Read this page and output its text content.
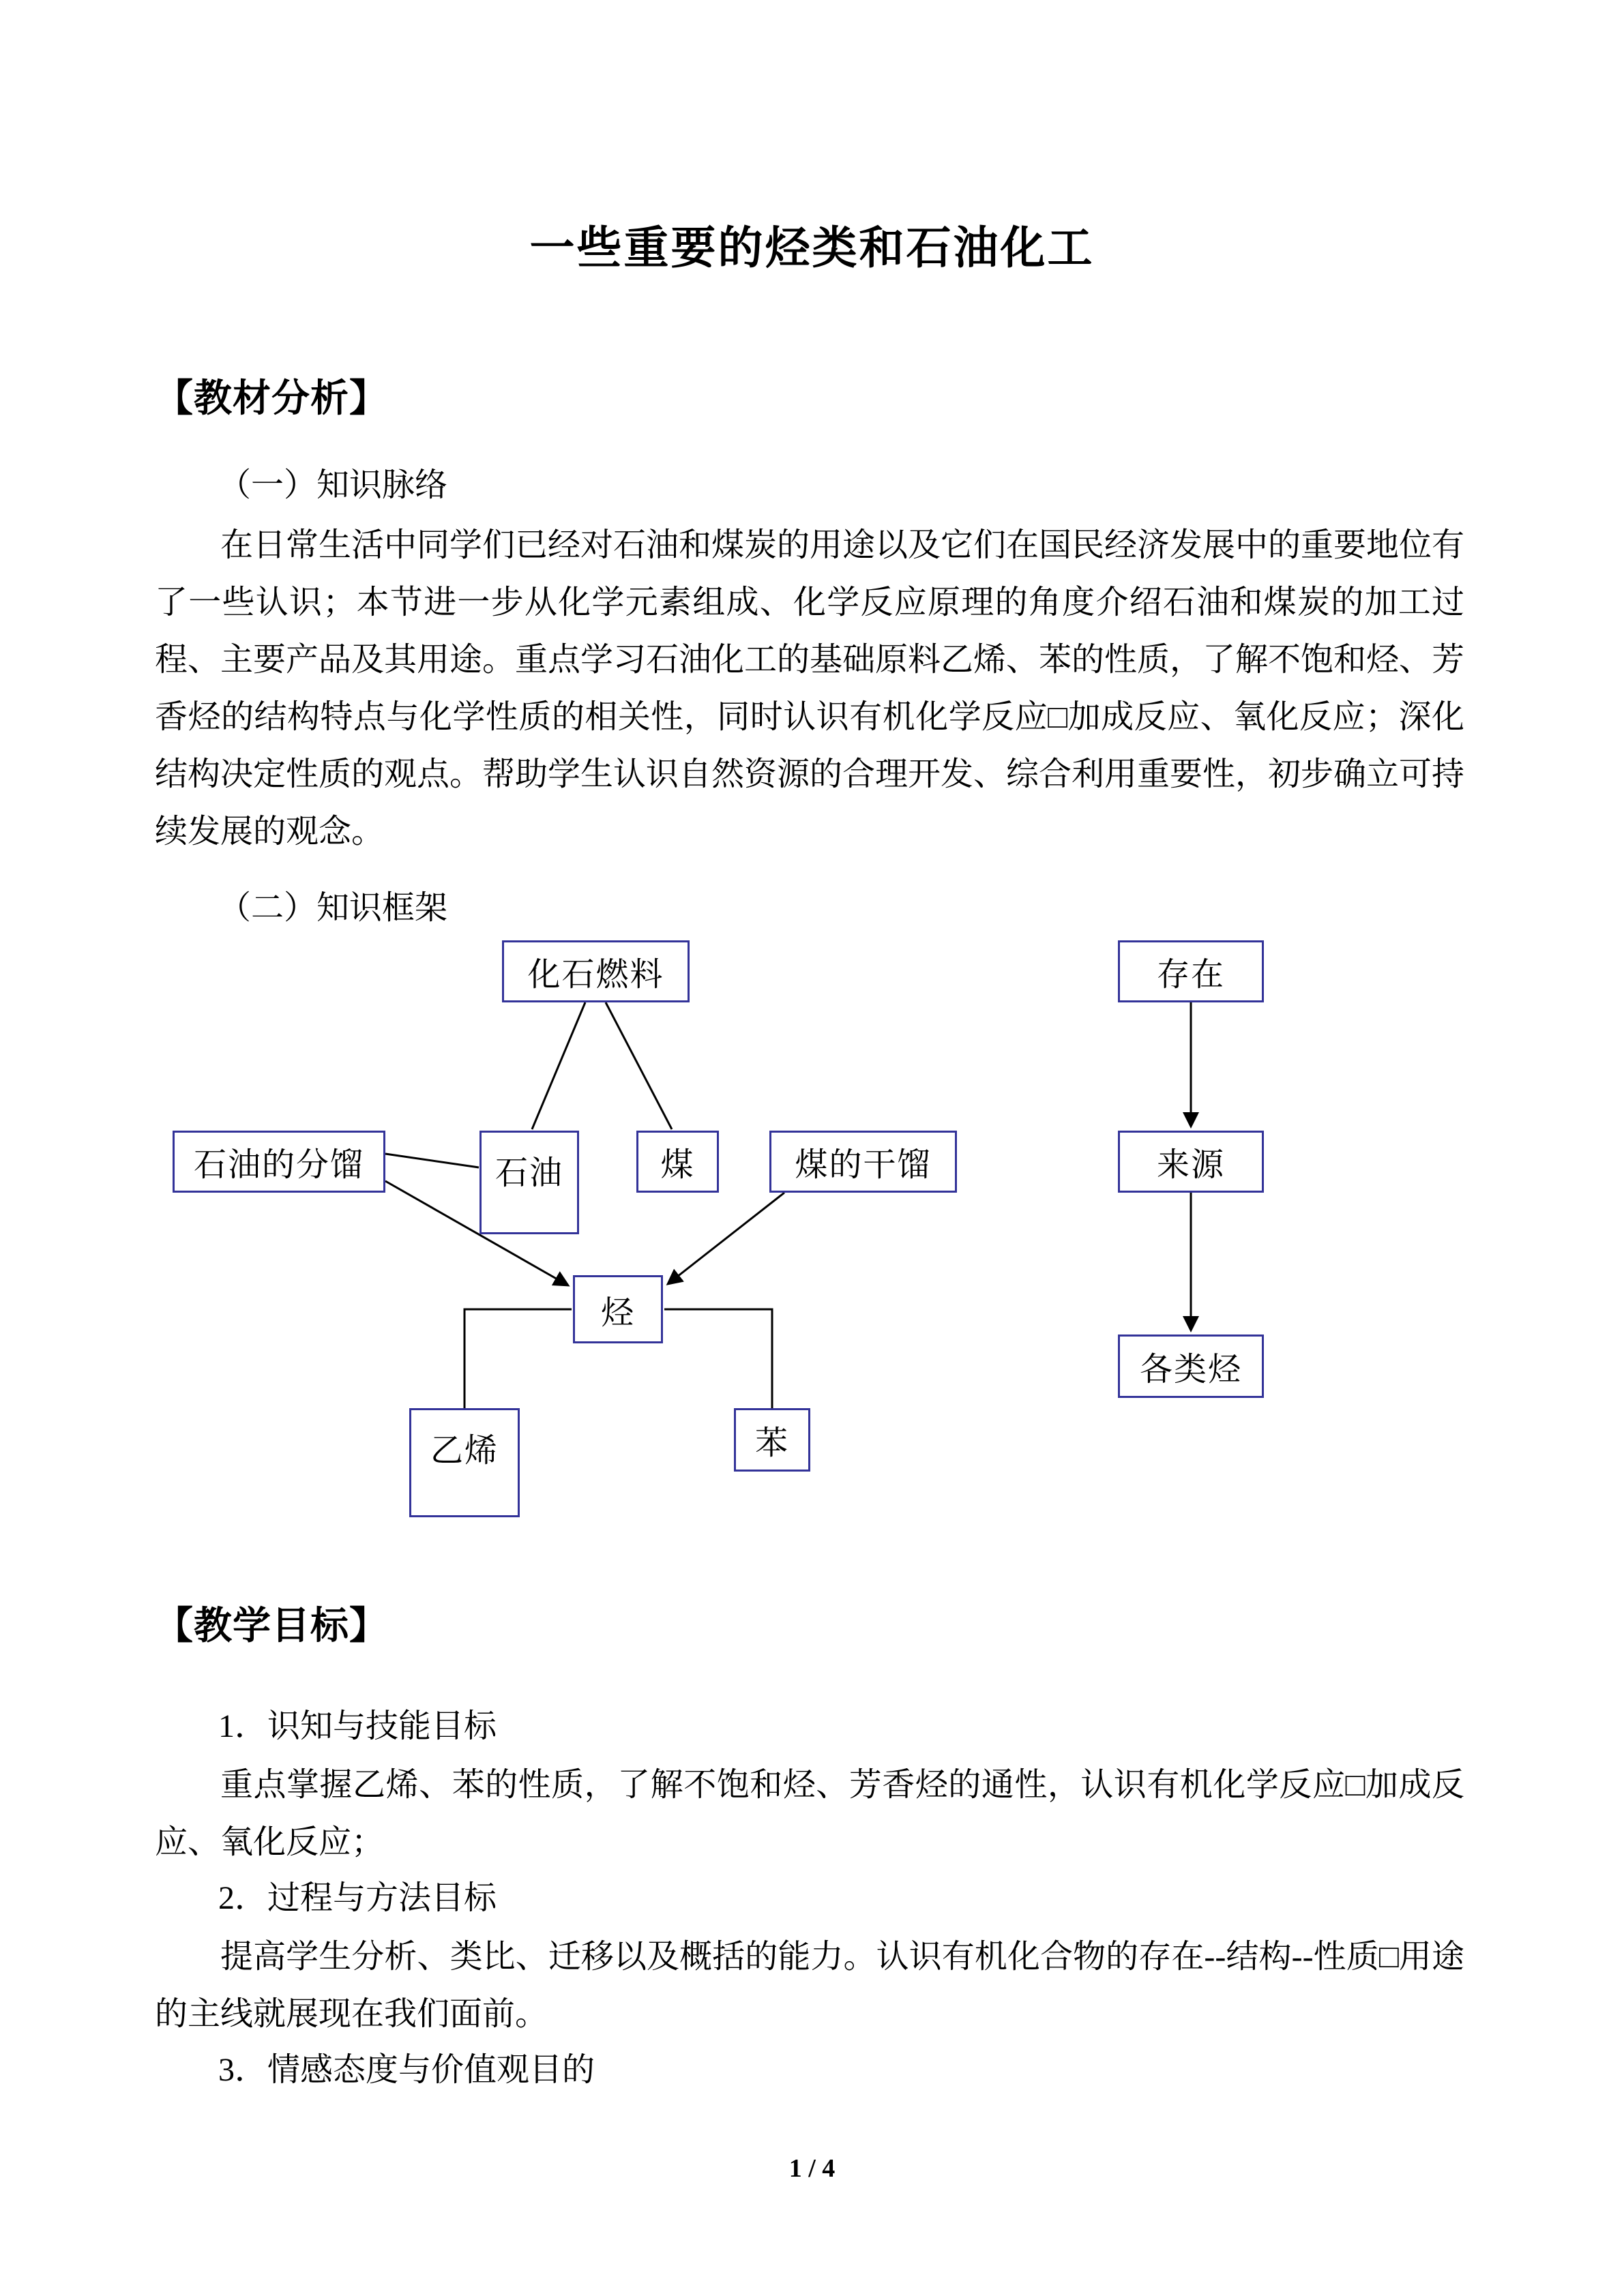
一些重要的烃类和石油化工
【教材分析】
（一）知识脉络
在日常生活中同学们已经对石油和煤炭的用途以及它们在国民经济发展中的重要地位有了一些认识；本节进一步从化学元素组成、化学反应原理的角度介绍石油和煤炭的加工过程、主要产品及其用途。重点学习石油化工的基础原料乙烯、苯的性质，了解不饱和烃、芳香烃的结构特点与化学性质的相关性，同时认识有机化学反应□加成反应、氧化反应；深化结构决定性质的观点。帮助学生认识自然资源的合理开发、综合利用重要性，初步确立可持续发展的观念。
（二）知识框架
化石燃料	存在
石油的分馏	石油	煤	煤的干馏	来源
烃
各类烃
乙烯	苯
【教学目标】
1．识知与技能目标
重点掌握乙烯、苯的性质，了解不饱和烃、芳香烃的通性，认识有机化学反应□加成反应、氧化反应；
2．过程与方法目标
提高学生分析、类比、迁移以及概括的能力。认识有机化合物的存在--结构--性质□用途的主线就展现在我们面前。
3．情感态度与价值观目的
1 / 4
